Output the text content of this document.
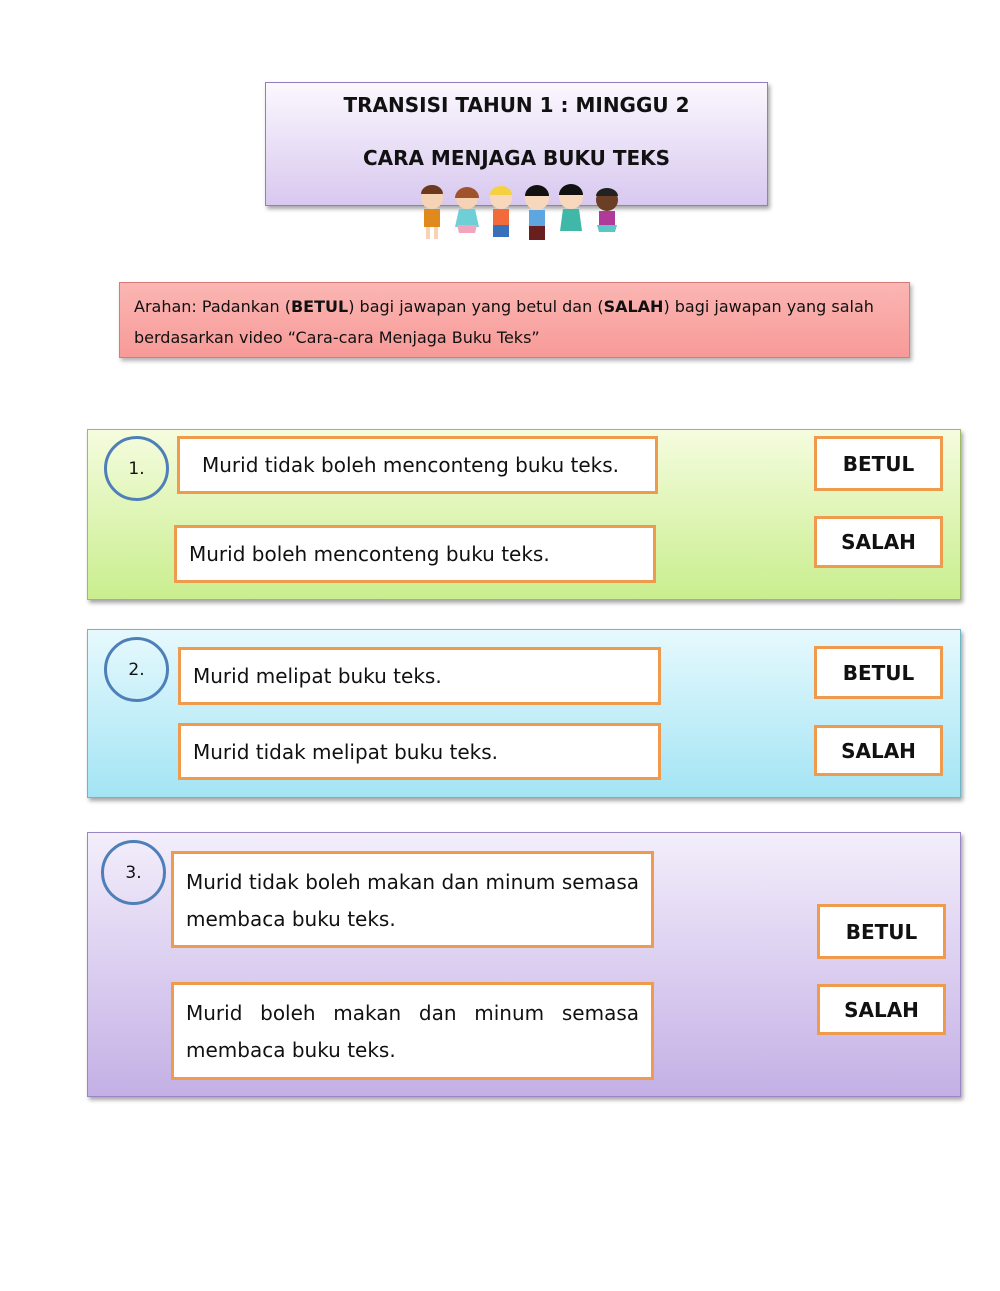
TRANSISI TAHUN 1 : MINGGU 2
CARA MENJAGA BUKU TEKS
Arahan: Padankan (BETUL) bagi jawapan yang betul dan (SALAH) bagi jawapan yang salah berdasarkan video “Cara-cara Menjaga Buku Teks”
1.	Murid tidak boleh menconteng buku teks.
Murid boleh menconteng buku teks.
BETUL
SALAH
2.	Murid melipat buku teks.
Murid tidak melipat buku teks.
BETUL
SALAH
3.	Murid tidak boleh makan dan minum semasa membaca buku teks.
Murid boleh makan dan minum semasa membaca buku teks.
BETUL
SALAH
